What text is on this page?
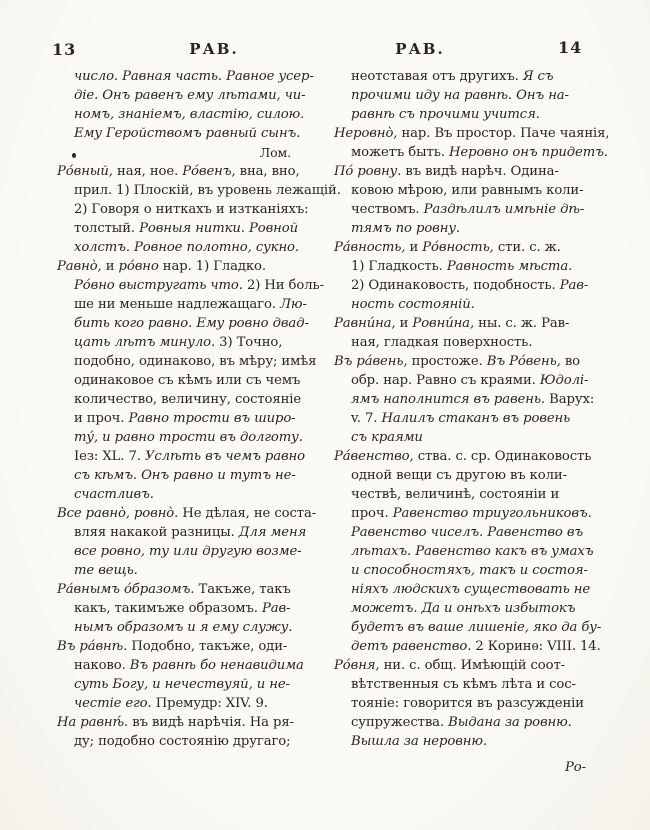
13	РАВ.	РАВ.	14
число. Равная часть. Равное усер-
діе. Онъ равенъ ему лѣтами, чи-
номъ, знаніемъ, властію, силою.
Ему Геройствомъ равный сынъ.
Лом.
Ро́вный, ная, ное. Ро́венъ, вна, вно,
прил. 1) Плоскій, въ уровень лежащій.
2) Говоря о ниткахъ и изтканіяхъ:
толстый. Ровныя нитки. Ровной
холстъ. Ровное полотно, сукно.
Равно̀, и ро́вно нар. 1) Гладко.
Ро́вно выстругать что. 2) Ни боль-
ше ни меньше надлежащаго. Лю-
бить кого равно. Ему ровно двад-
цать лѣтъ минуло. 3) Точно,
подобно, одинаково, въ мѣру; имѣя
одинаковое съ кѣмъ или съ чемъ
количество, величину, состояніе
и проч. Равно трости въ широ-
ту́, и равно трости въ долготу.
Іез: XL. 7. Услѣть въ чемъ равно
съ кѣмъ. Онъ равно и тутъ не-
счастливъ.
Все равно̀, ровно̀. Не дѣлая, не соста-
вляя накакой разницы. Для меня
все ровно, ту или другую возме-
те вещь.
Ра́внымъ о́бразомъ. Такъже, такъ
какъ, такимъже образомъ. Рав-
нымъ образомъ и я ему служу.
Въ ра́внѣ. Подобно, такъже, оди-
наково. Въ равнѣ бо ненавидима
суть Богу, и нечествуяй, и не-
честіе его. Премудр: XIV. 9.
На равнѣ́. въ видѣ нарѣчія. На ря-
ду; подобно состоянію другаго;
неотставая отъ другихъ. Я съ
прочими иду на равнѣ. Онъ на-
равнѣ съ прочими учится.
Неровно̀, нар. Въ простор. Паче чаянія,
можетъ быть. Неровно онъ придетъ.
По́ ровну. въ видѣ нарѣч. Одина-
ковою мѣрою, или равнымъ коли-
чествомъ. Раздѣлилъ имѣніе дѣ-
тямъ по ровну.
Ра́вность, и Ро́вность, сти. с. ж.
1) Гладкость. Равность мѣста.
2) Одинаковость, подобность. Рав-
ность состояній.
Равни́на, и Ровни́на, ны. с. ж. Рав-
ная, гладкая поверхность.
Въ ра́вень, простоже. Въ Ро́вень, во
обр. нар. Равно съ краями. Юдолі-
ямъ наполнится въ равень. Варух:
v. 7. Налилъ стаканъ въ ровень
съ краями
Ра́венство, ства. с. ср. Одинаковость
одной вещи съ другою въ коли-
чествѣ, величинѣ, состояніи и
проч. Равенство триугольниковъ.
Равенство чиселъ. Равенство въ
лѣтахъ. Равенство какъ въ умахъ
и способностяхъ, такъ и состоя-
ніяхъ людскихъ существовать не
можетъ. Да и онѣхъ избытокъ
будетъ въ ваше лишеніе, яко да бу-
детъ равенство. 2 Коринѳ: VIII. 14.
Ро́вня, ни. с. общ. Имѣющій соот-
вѣтственныя съ кѣмъ лѣта и сос-
тояніе: говорится въ разсужденіи
супружества. Выдана за ровню.
Вышла за неровню.
Ро-
